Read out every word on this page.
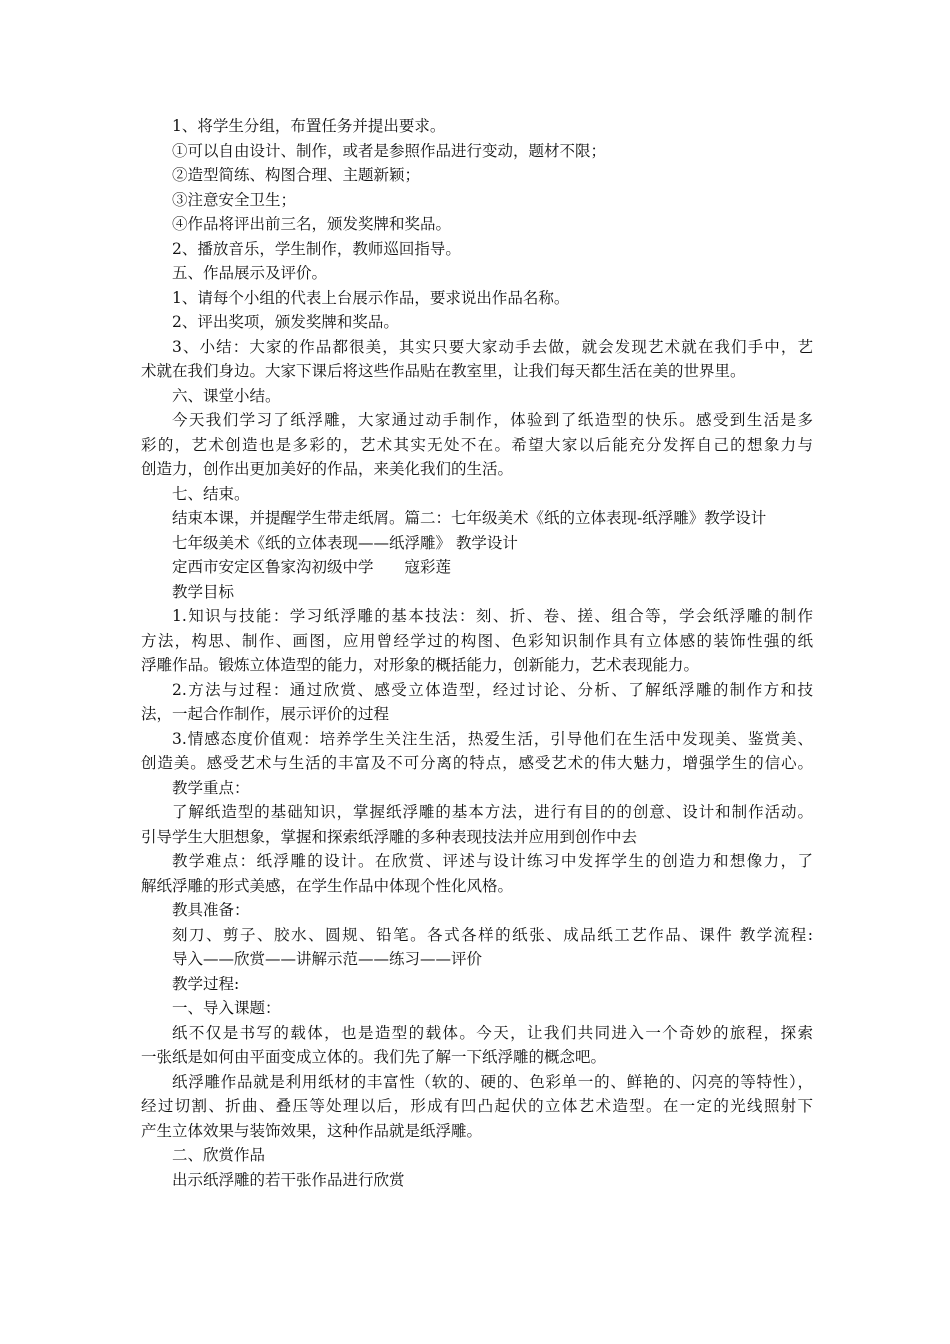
1、将学生分组，布置任务并提出要求。

①可以自由设计、制作，或者是参照作品进行变动，题材不限；

②造型简练、构图合理、主题新颖；

③注意安全卫生；

④作品将评出前三名，颁发奖牌和奖品。

2、播放音乐，学生制作，教师巡回指导。

五、作品展示及评价。

1、请每个小组的代表上台展示作品，要求说出作品名称。

2、评出奖项，颁发奖牌和奖品。

3、小结：大家的作品都很美，其实只要大家动手去做，就会发现艺术就在我们手中，艺

术就在我们身边。大家下课后将这些作品贴在教室里，让我们每天都生活在美的世界里。

六、课堂小结。

今天我们学习了纸浮雕，大家通过动手制作，体验到了纸造型的快乐。感受到生活是多

彩的，艺术创造也是多彩的，艺术其实无处不在。希望大家以后能充分发挥自己的想象力与

创造力，创作出更加美好的作品，来美化我们的生活。

七、结束。

结束本课，并提醒学生带走纸屑。篇二：七年级美术《纸的立体表现-纸浮雕》教学设计

七年级美术《纸的立体表现——纸浮雕》 教学设计

定西市安定区鲁家沟初级中学　　寇彩莲

教学目标

1.知识与技能：学习纸浮雕的基本技法：刻、折、卷、搓、组合等，学会纸浮雕的制作

方法，构思、制作、画图，应用曾经学过的构图、色彩知识制作具有立体感的装饰性强的纸

浮雕作品。锻炼立体造型的能力，对形象的概括能力，创新能力，艺术表现能力。

2.方法与过程：通过欣赏、感受立体造型，经过讨论、分析、了解纸浮雕的制作方和技

法，一起合作制作，展示评价的过程

3.情感态度价值观：培养学生关注生活，热爱生活，引导他们在生活中发现美、鉴赏美、

创造美。感受艺术与生活的丰富及不可分离的特点，感受艺术的伟大魅力，增强学生的信心。

教学重点：

了解纸造型的基础知识，掌握纸浮雕的基本方法，进行有目的的创意、设计和制作活动。

引导学生大胆想象，掌握和探索纸浮雕的多种表现技法并应用到创作中去

教学难点：纸浮雕的设计。在欣赏、评述与设计练习中发挥学生的创造力和想像力，了

解纸浮雕的形式美感，在学生作品中体现个性化风格。

教具准备：

刻刀、剪子、胶水、圆规、铅笔。各式各样的纸张、成品纸工艺作品、课件 教学流程:

导入——欣赏——讲解示范——练习——评价

教学过程:

一、导入课题：

纸不仅是书写的载体，也是造型的载体。今天，让我们共同进入一个奇妙的旅程，探索

一张纸是如何由平面变成立体的。我们先了解一下纸浮雕的概念吧。

纸浮雕作品就是利用纸材的丰富性（软的、硬的、色彩单一的、鲜艳的、闪亮的等特性），

经过切割、折曲、叠压等处理以后，形成有凹凸起伏的立体艺术造型。在一定的光线照射下

产生立体效果与装饰效果，这种作品就是纸浮雕。

二、欣赏作品

出示纸浮雕的若干张作品进行欣赏
